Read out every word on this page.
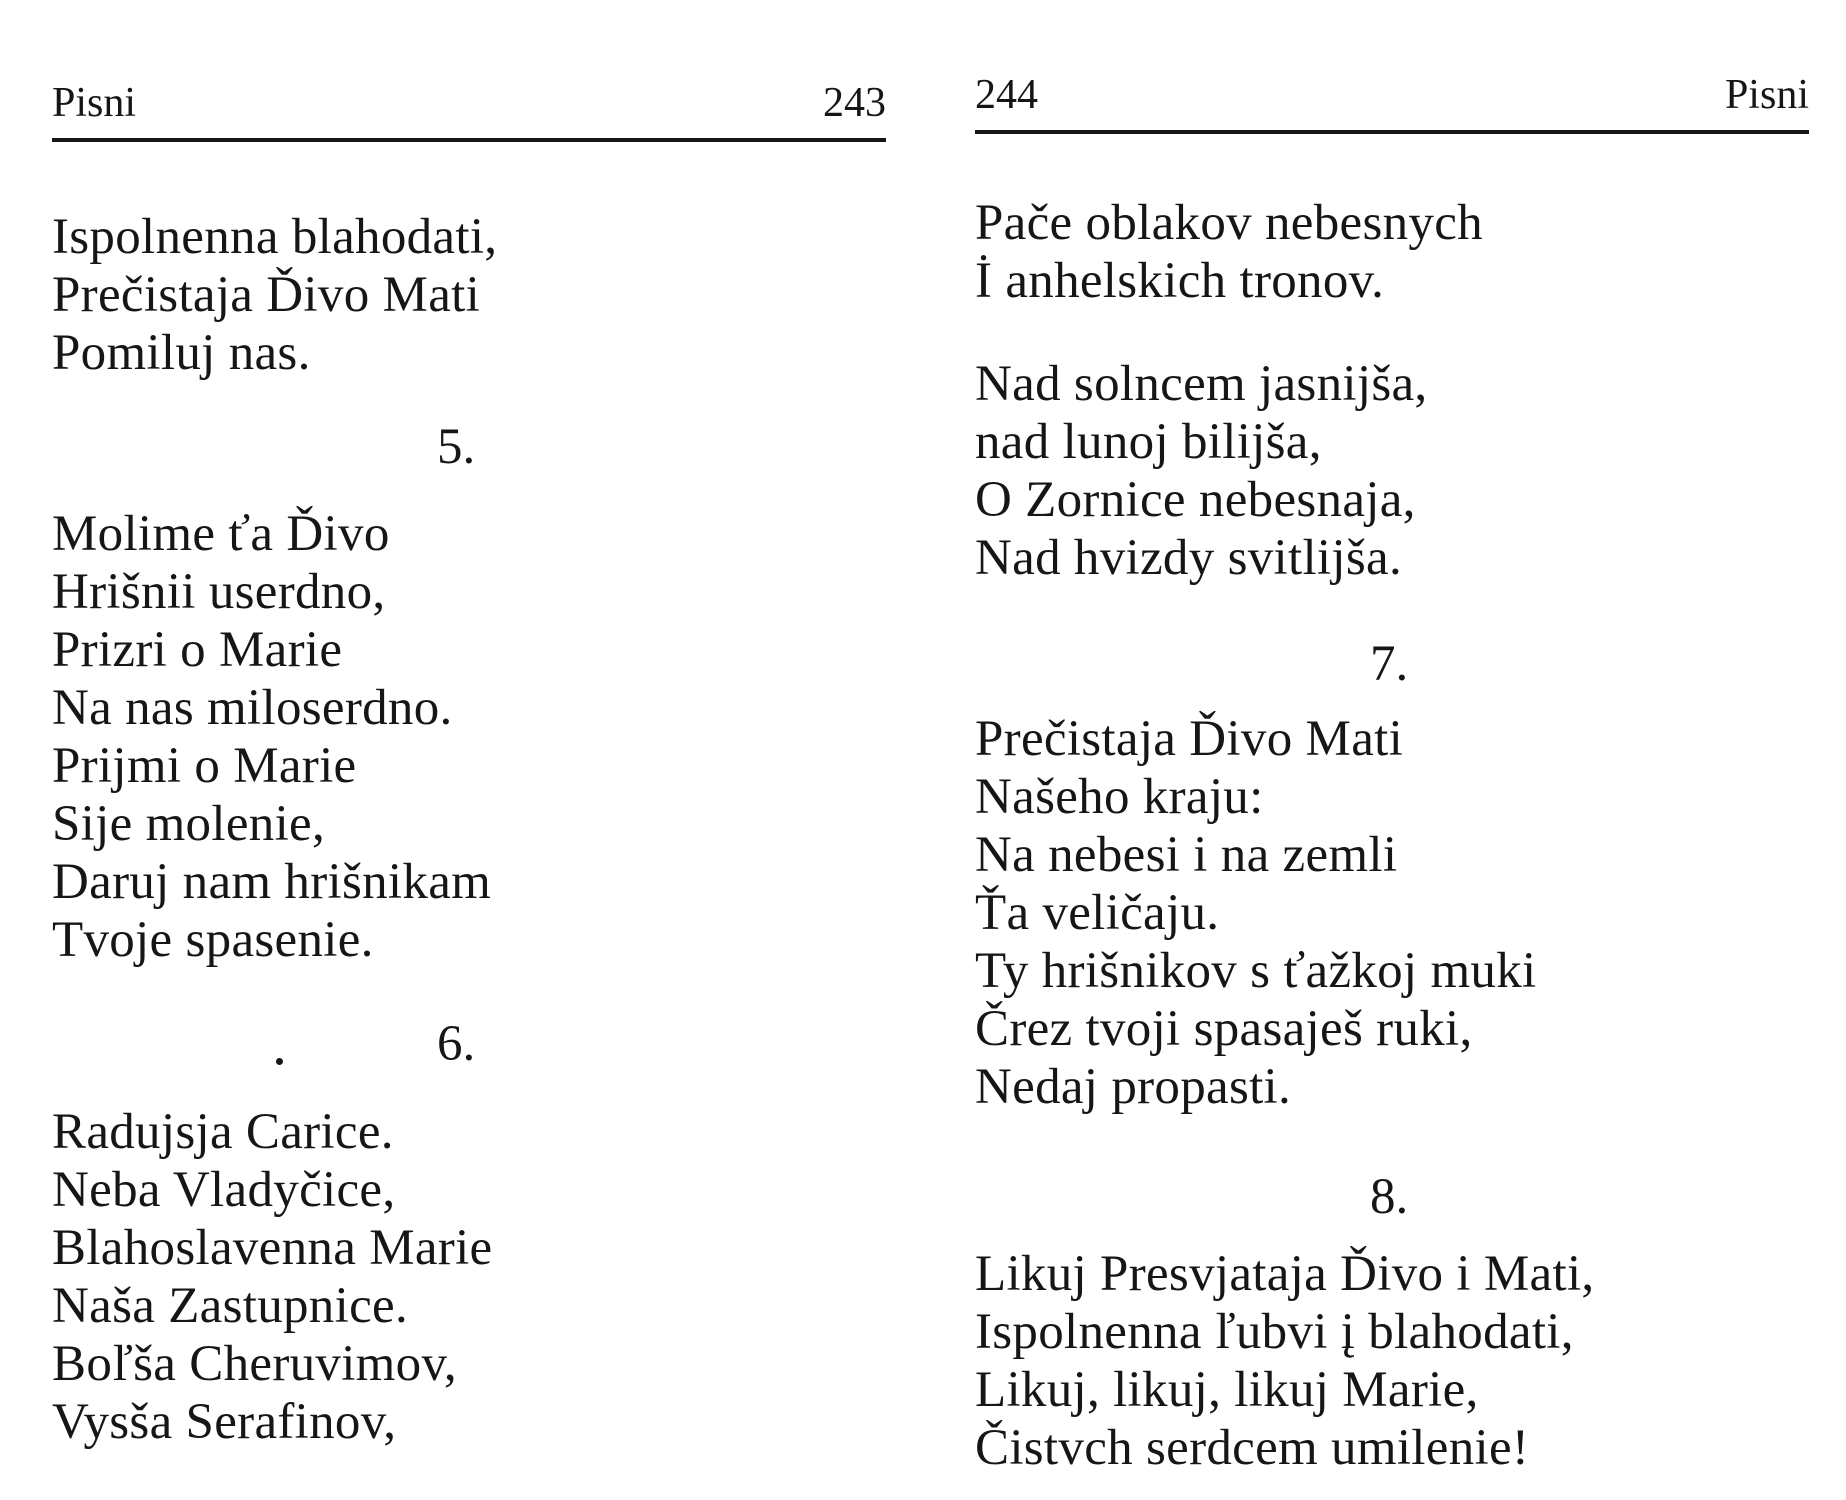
Pisni	243
Ispolnenna blahodati,
Prečistaja Ďivo Mati
Pomiluj nas.
5.
Molime ťa Ďivo
Hrišnii userdno,
Prizri o Marie
Na nas miloserdno.
Prijmi o Marie
Sije molenie,
Daruj nam hrišnikam
Tvoje spasenie.
6.
Radujsja Carice.
Neba Vladyčice,
Blahoslavenna Marie
Naša Zastupnice.
Boľša Cheruvimov,
Vysša Serafinov,
244	Pisni
Pače oblakov nebesnych
İ anhelskich tronov.
Nad solncem jasnijša,
nad lunoj bilijša,
O Zornice nebesnaja,
Nad hvizdy svitlijša.
7.
Prečistaja Ďivo Mati
Našeho kraju:
Na nebesi i na zemli
Ťa veličaju.
Ty hrišnikov s ťažkoj muki
Črez tvoji spasaješ ruki,
Nedaj propasti.
8.
Likuj Presvjataja Ďivo i Mati,
Ispolnenna ľubvi į blahodati,
Likuj, likuj, likuj Marie,
Čistvch serdcem umilenie!
